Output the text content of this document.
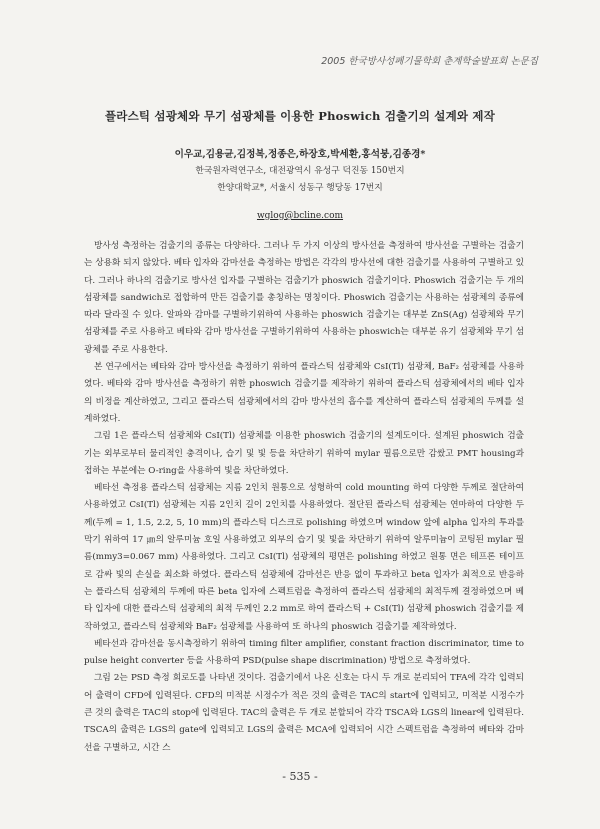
2005 한국방사성폐기물학회 춘계학술발표회 논문집
플라스틱 섬광체와 무기 섬광체를 이용한 Phoswich 검출기의 설계와 제작
이우교,김용균,김정복,정종은,하장호,박세환,홍석붕,김종경*
한국원자력연구소, 대전광역시 유성구 덕진동 150번지
한양대학교*, 서울시 성동구 행당동 17번지
wglog@bcline.com

방사성 측정하는 검출기의 종류는 다양하다. 그러나 두 가지 이상의 방사선을 측정하여 방사선을 구별하는 검출기는 상용화 되지 않았다. 베타 입자와 감마선을 측정하는 방법은 각각의 방사선에 대한 검출기를 사용하여 구별하고 있다. 그러나 하나의 검출기로 방사선 입자를 구별하는 검출기가 phoswich 검출기이다. Phoswich 검출기는 두 개의 섬광체를 sandwich로 접합하여 만든 검출기를 총칭하는 명칭이다. Phoswich 검출기는 사용하는 섬광체의 종류에 따라 달라질 수 있다. 알파와 감마를 구별하기위하여 사용하는 phoswich 검출기는 대부분 ZnS(Ag) 섬광체와 무기 섬광체를 주로 사용하고 베타와 감마 방사선을 구별하기위하여 사용하는 phoswich는 대부분 유기 섬광체와 무기 섬광체를 주로 사용한다.

본 연구에서는 베타와 감마 방사선을 측정하기 위하여 플라스틱 섬광체와 CsI(Tl) 섬광체, BaF₂ 섬광체를 사용하였다. 베타와 감마 방사선을 측정하기 위한 phoswich 검출기를 제작하기 위하여 플라스틱 섬광체에서의 베타 입자의 비정을 계산하였고, 그리고 플라스틱 섬광체에서의 감마 방사선의 흡수를 계산하여 플라스틱 섬광체의 두께를 설계하였다.

그림 1은 플라스틱 섬광체와 CsI(Tl) 섬광체를 이용한 phoswich 검출기의 설계도이다. 설계된 phoswich 검출기는 외부로부터 물리적인 충격이나, 습기 및 빛 등을 차단하기 위하여 mylar 필름으로만 감쌌고 PMT housing과 접하는 부분에는 O-ring을 사용하여 빛을 차단하였다.

베타선 측정용 플라스틱 섬광체는 지름 2인치 원통으로 성형하여 cold mounting 하여 다양한 두께로 절단하여 사용하였고 CsI(Tl) 섬광체는 지름 2인치 길이 2인치를 사용하였다. 절단된 플라스틱 섬광체는 연마하여 다양한 두께(두께 = 1, 1.5, 2.2, 5, 10 mm)의 플라스틱 디스크로 polishing 하였으며 window 앞에 alpha 입자의 투과를 막기 위하여 17 ㎛의 알루미늄 호일 사용하였고 외부의 습기 및 빛을 차단하기 위하여 알루미늄이 코팅된 mylar 필름(mmy3=0.067 mm) 사용하였다. 그리고 CsI(Tl) 섬광체의 평면은 polishing 하였고 원통 면은 테프론 테이프로 감싸 빛의 손실을 최소화 하였다. 플라스틱 섬광체에 감마선은 반응 없이 투과하고 beta 입자가 최적으로 반응하는 플라스틱 섬광체의 두께에 따른 beta 입자에 스펙트럼을 측정하여 플라스틱 섬광체의 최적두께 결정하였으며 베타 입자에 대한 플라스틱 섬광체의 최적 두께인 2.2 mm로 하여 플라스틱 + CsI(Tl) 섬광체 phoswich 검출기를 제작하였고, 플라스틱 섬광체와 BaF₂ 섬광체를 사용하여 또 하나의 phoswich 검출기를 제작하였다.

베타선과 감마선을 동시측정하기 위하여 timing filter amplifier, constant fraction discriminator, time to pulse height converter 등을 사용하여 PSD(pulse shape discrimination) 방법으로 측정하였다.

그림 2는 PSD 측정 회로도를 나타낸 것이다. 검출기에서 나온 신호는 다시 두 개로 분리되어 TFA에 각각 입력되어 출력이 CFD에 입력된다. CFD의 미적분 시정수가 적은 것의 출력은 TAC의 start에 입력되고, 미적분 시정수가 큰 것의 출력은 TAC의 stop에 입력된다. TAC의 출력은 두 개로 분할되어 각각 TSCA와 LGS의 linear에 입력된다. TSCA의 출력은 LGS의 gate에 입력되고 LGS의 출력은 MCA에 입력되어 시간 스펙트럼을 측정하여 베타와 감마선을 구별하고, 시간 스

- 535 -
